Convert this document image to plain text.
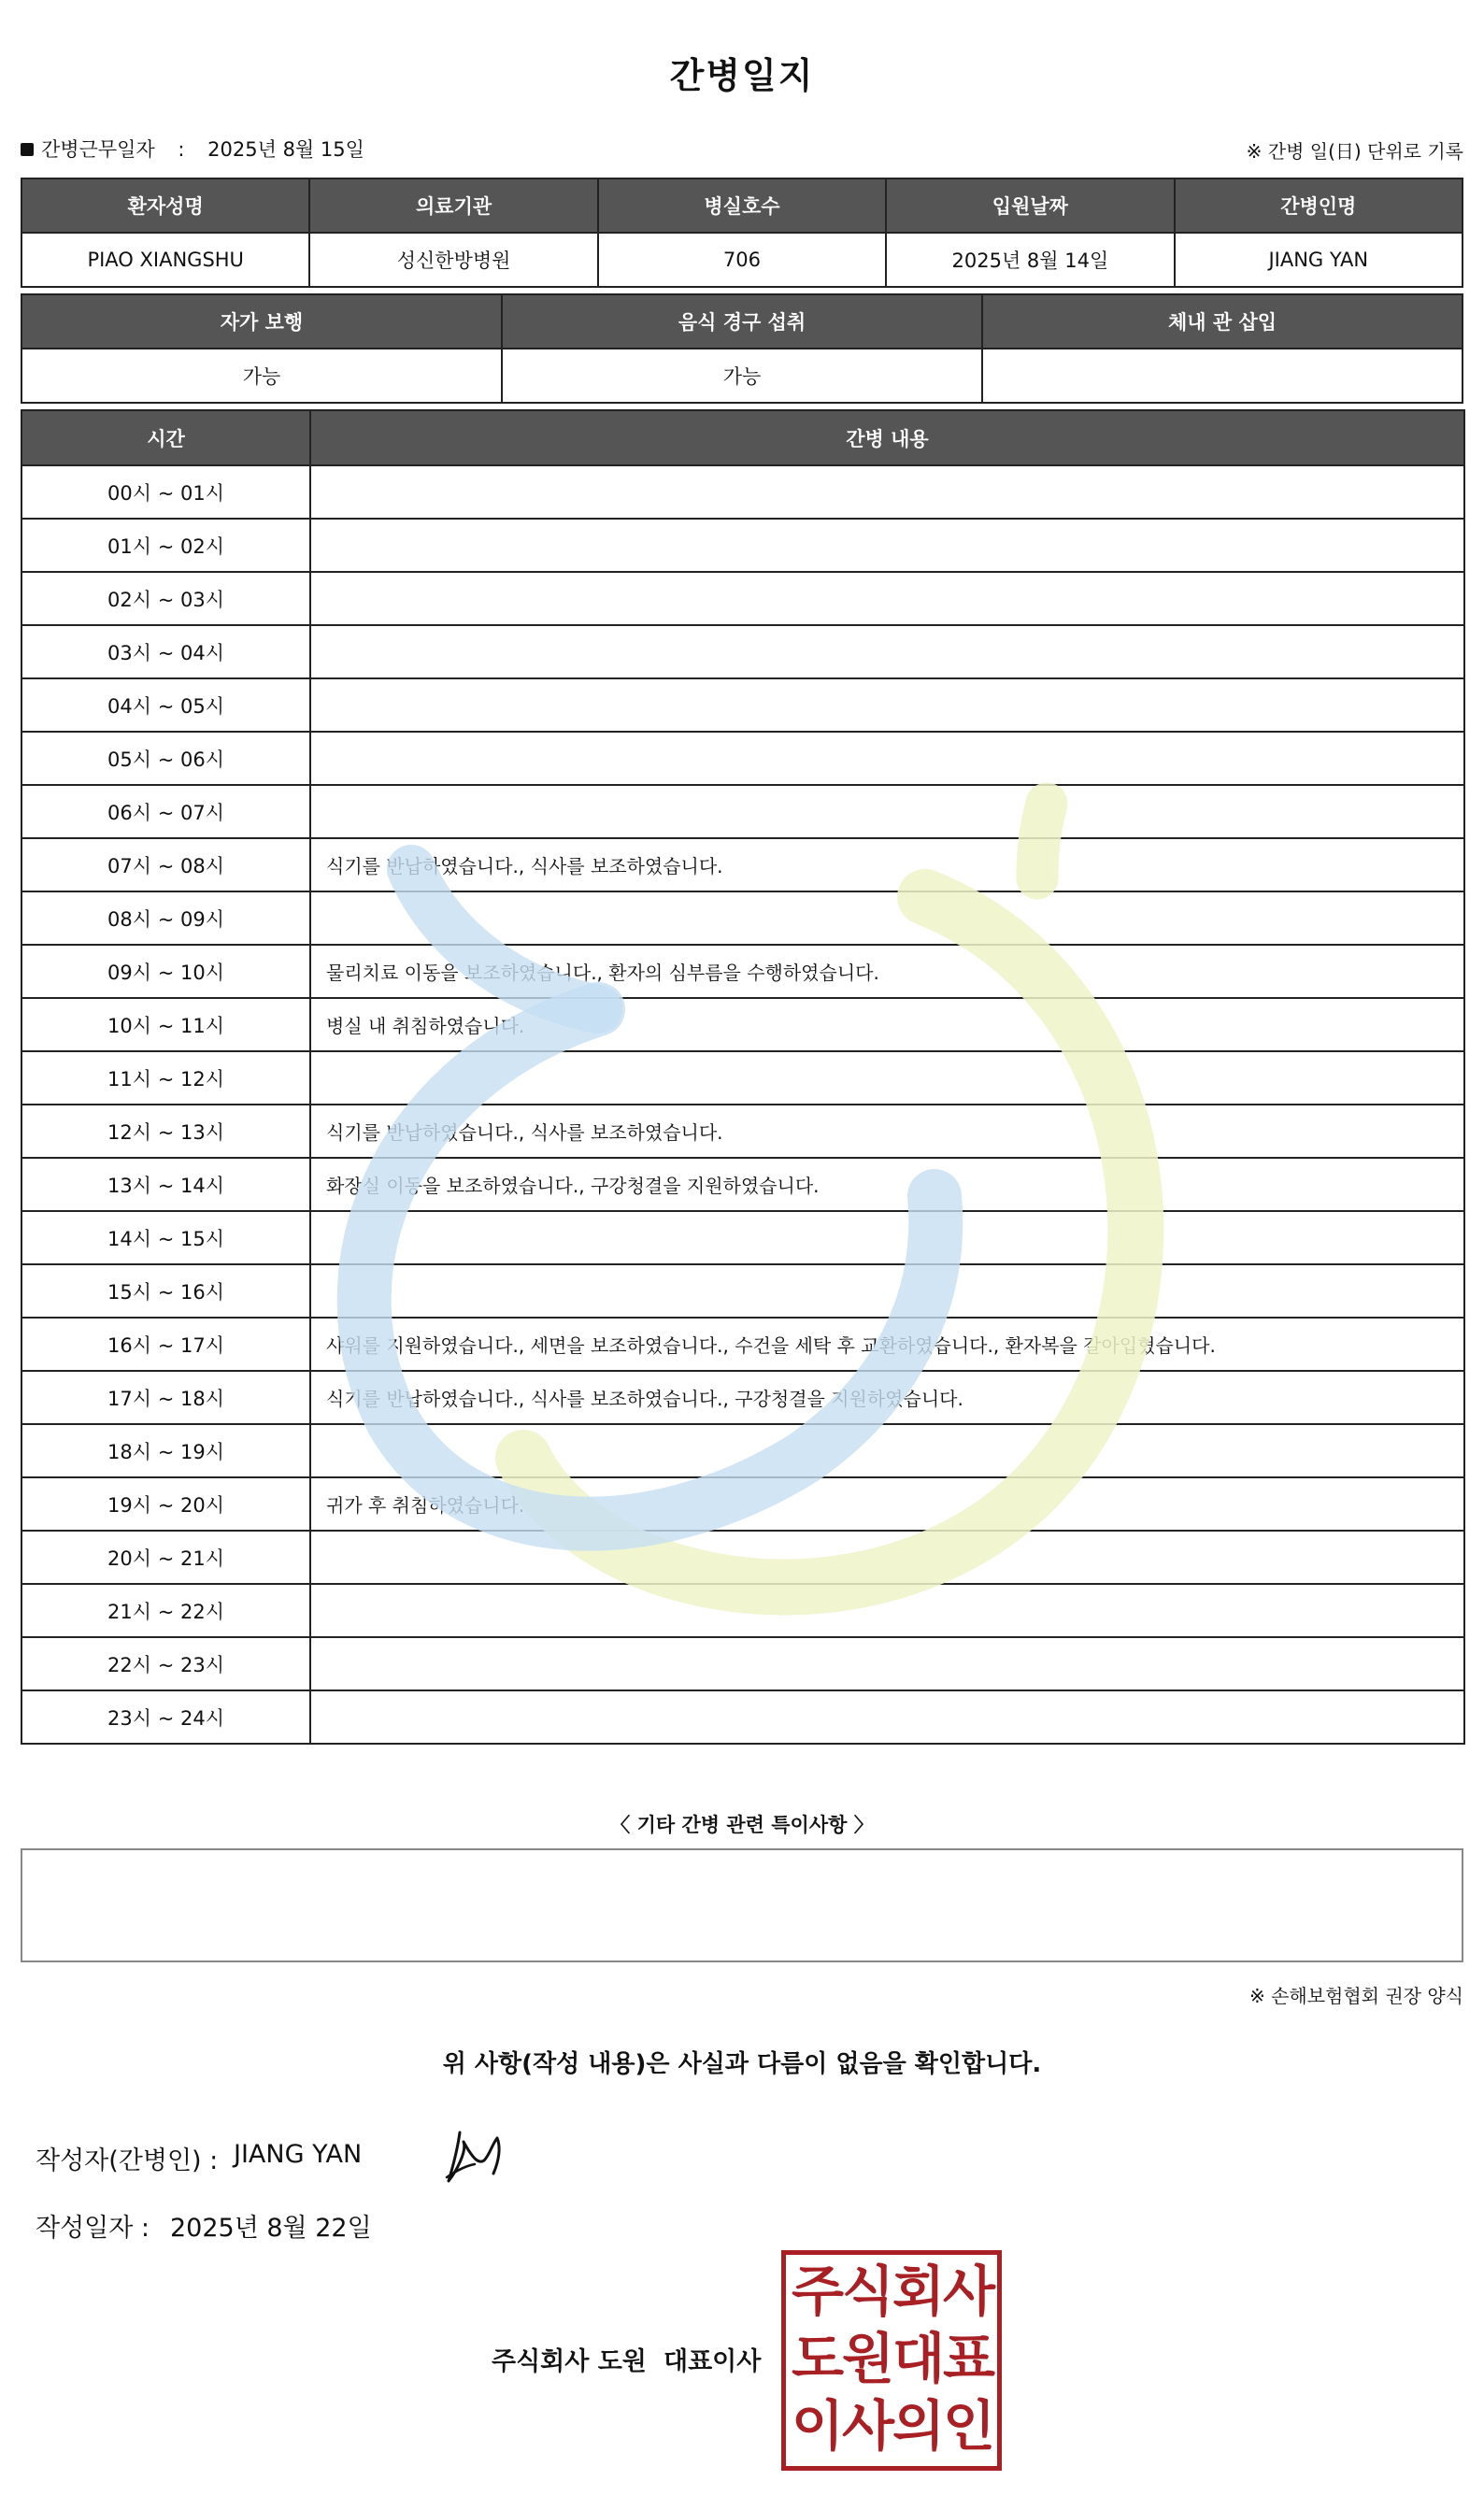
간병일지
간병근무일자 : 2025년 8월 15일	※ 간병 일(日) 단위로 기록
환자성명	의료기관	병실호수	입원날짜	간병인명
PIAO XIANGSHU	성신한방병원	706	2025년 8월 14일	JIANG YAN
자가 보행	음식 경구 섭취	체내 관 삽입
가능	가능	
시간	간병 내용
00시 ~ 01시	
01시 ~ 02시	
02시 ~ 03시	
03시 ~ 04시	
04시 ~ 05시	
05시 ~ 06시	
06시 ~ 07시	
07시 ~ 08시	식기를 반납하였습니다., 식사를 보조하였습니다.
08시 ~ 09시	
09시 ~ 10시	물리치료 이동을 보조하였습니다., 환자의 심부름을 수행하였습니다.
10시 ~ 11시	병실 내 취침하였습니다.
11시 ~ 12시	
12시 ~ 13시	식기를 반납하였습니다., 식사를 보조하였습니다.
13시 ~ 14시	화장실 이동을 보조하였습니다., 구강청결을 지원하였습니다.
14시 ~ 15시	
15시 ~ 16시	
16시 ~ 17시	샤워를 지원하였습니다., 세면을 보조하였습니다., 수건을 세탁 후 교환하였습니다., 환자복을 갈아입혔습니다.
17시 ~ 18시	식기를 반납하였습니다., 식사를 보조하였습니다., 구강청결을 지원하였습니다.
18시 ~ 19시	
19시 ~ 20시	귀가 후 취침하였습니다.
20시 ~ 21시	
21시 ~ 22시	
22시 ~ 23시	
23시 ~ 24시	
〈 기타 간병 관련 특이사항 〉
※ 손해보험협회 권장 양식
위 사항(작성 내용)은 사실과 다름이 없음을 확인합니다.
작성자(간병인) : JIANG YAN
작성일자 : 2025년 8월 22일
주식회사 도원 대표이사
주
식
회
사
도
원
대
표
이
사
의
인
